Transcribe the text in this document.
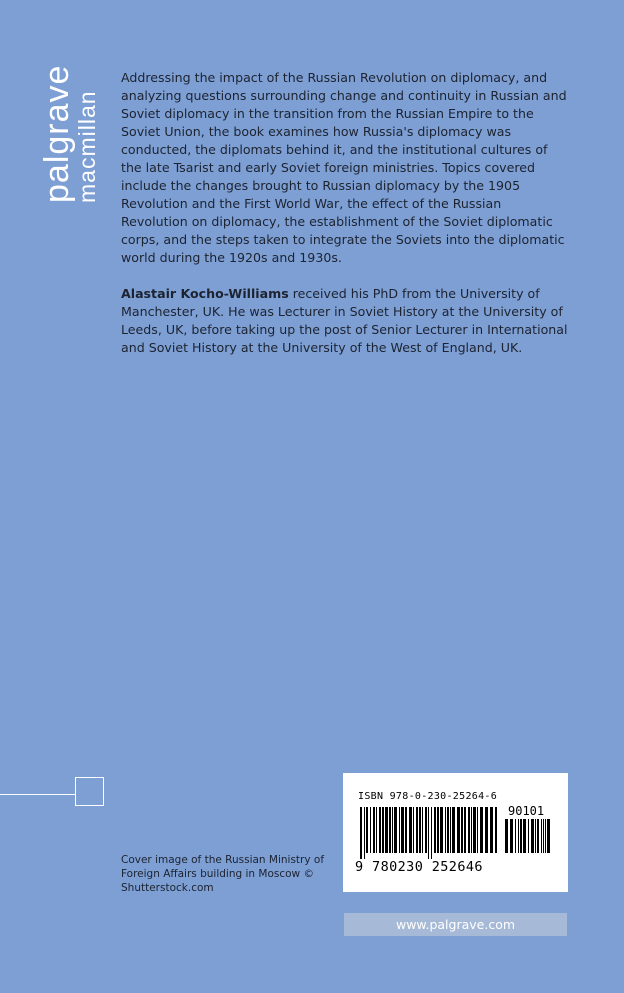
palgrave
macmillan

Addressing the impact of the Russian Revolution on diplomacy, and analyzing questions surrounding change and continuity in Russian and Soviet diplomacy in the transition from the Russian Empire to the Soviet Union, the book examines how Russia's diplomacy was conducted, the diplomats behind it, and the institutional cultures of the late Tsarist and early Soviet foreign ministries. Topics covered include the changes brought to Russian diplomacy by the 1905 Revolution and the First World War, the effect of the Russian Revolution on diplomacy, the establishment of the Soviet diplomatic corps, and the steps taken to integrate the Soviets into the diplomatic world during the 1920s and 1930s.

Alastair Kocho-Williams received his PhD from the University of Manchester, UK. He was Lecturer in Soviet History at the University of Leeds, UK, before taking up the post of Senior Lecturer in International and Soviet History at the University of the West of England, UK.

Cover image of the Russian Ministry of Foreign Affairs building in Moscow © Shutterstock.com
ISBN 978-0-230-25264-6
90101
9 780230 252646
www.palgrave.com
